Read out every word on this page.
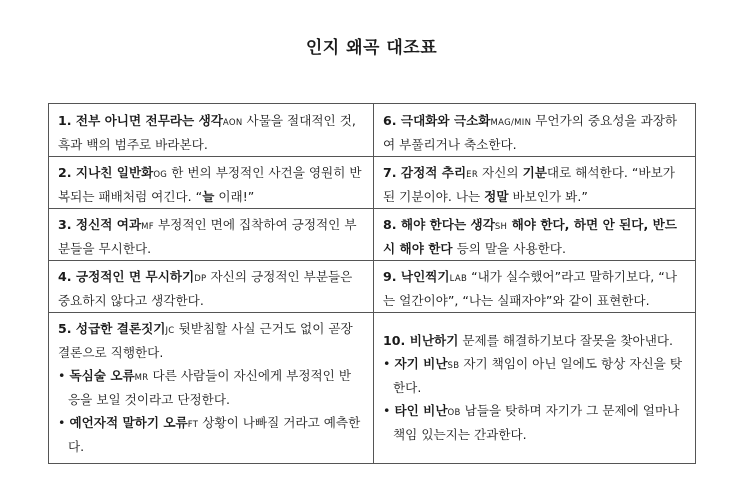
인지 왜곡 대조표
1. 전부 아니면 전무라는 생각AON 사물을 절대적인 것, 흑과 백의 범주로 바라본다.
2. 지나친 일반화OG 한 번의 부정적인 사건을 영원히 반복되는 패배처럼 여긴다. “늘 이래!”
3. 정신적 여과MF 부정적인 면에 집착하여 긍정적인 부분들을 무시한다.
4. 긍정적인 면 무시하기DP 자신의 긍정적인 부분들은 중요하지 않다고 생각한다.
5. 성급한 결론짓기JC 뒷받침할 사실 근거도 없이 곧장 결론으로 직행한다.
• 독심술 오류MR 다른 사람들이 자신에게 부정적인 반응을 보일 것이라고 단정한다.
• 예언자적 말하기 오류FT 상황이 나빠질 거라고 예측한다.
6. 극대화와 극소화MAG/MIN 무언가의 중요성을 과장하여 부풀리거나 축소한다.
7. 감정적 추리ER 자신의 기분대로 해석한다. “바보가 된 기분이야. 나는 정말 바보인가 봐.”
8. 해야 한다는 생각SH 해야 한다, 하면 안 된다, 반드시 해야 한다 등의 말을 사용한다.
9. 낙인찍기LAB “내가 실수했어”라고 말하기보다, “나는 얼간이야”, “나는 실패자야”와 같이 표현한다.
10. 비난하기 문제를 해결하기보다 잘못을 찾아낸다.
• 자기 비난SB 자기 책임이 아닌 일에도 항상 자신을 탓한다.
• 타인 비난OB 남들을 탓하며 자기가 그 문제에 얼마나 책임 있는지는 간과한다.
